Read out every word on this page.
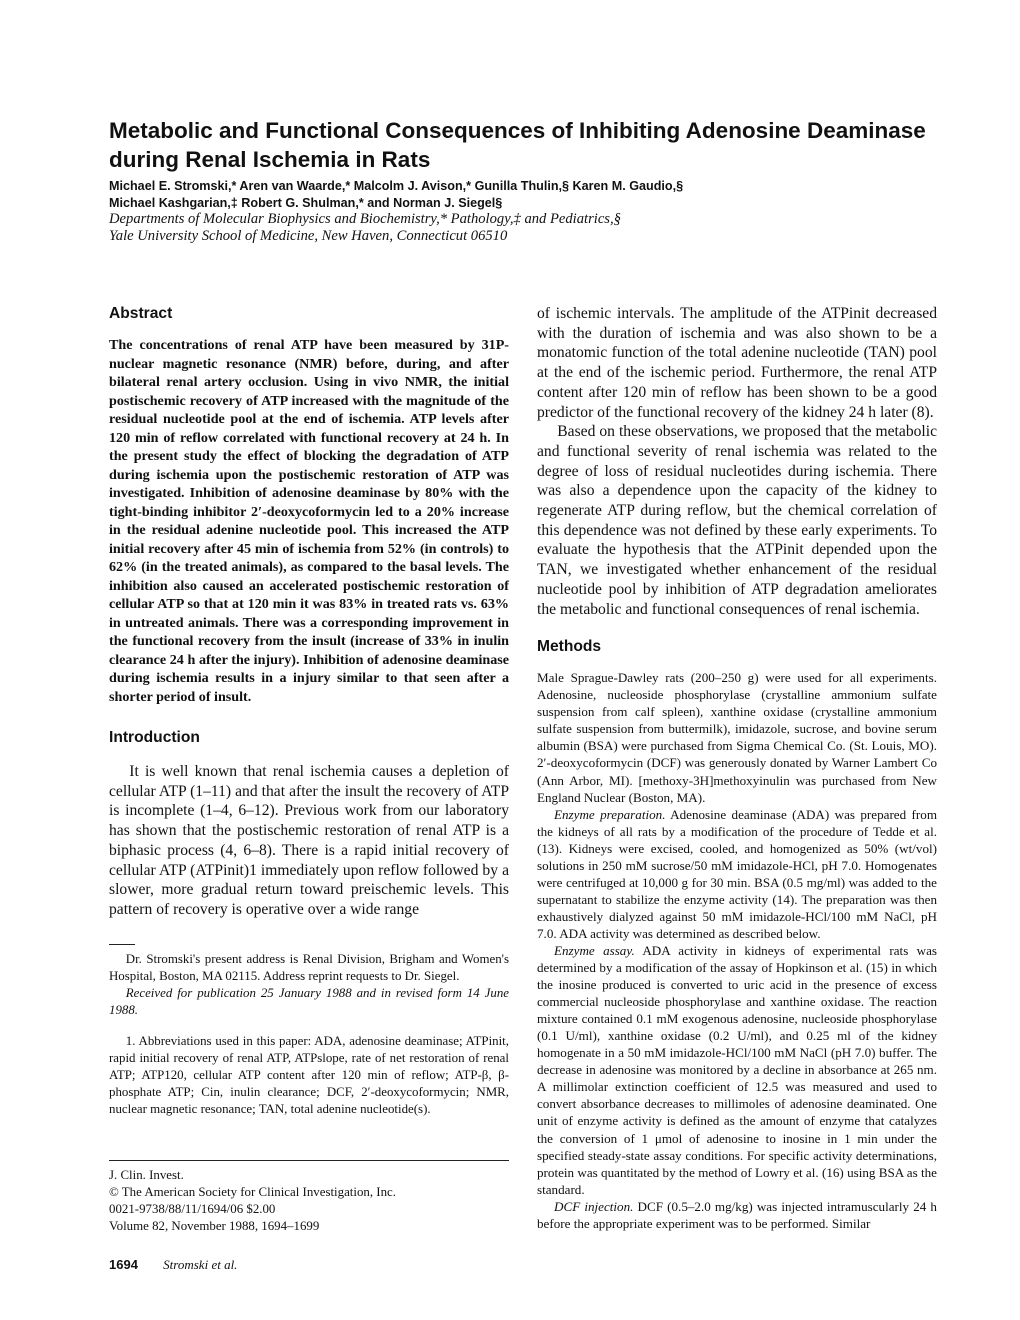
Metabolic and Functional Consequences of Inhibiting Adenosine Deaminase during Renal Ischemia in Rats
Michael E. Stromski,* Aren van Waarde,* Malcolm J. Avison,* Gunilla Thulin,§ Karen M. Gaudio,§
Michael Kashgarian,‡ Robert G. Shulman,* and Norman J. Siegel§
Departments of Molecular Biophysics and Biochemistry,* Pathology,‡ and Pediatrics,§
Yale University School of Medicine, New Haven, Connecticut 06510
Abstract

The concentrations of renal ATP have been measured by 31P-nuclear magnetic resonance (NMR) before, during, and after bilateral renal artery occlusion. Using in vivo NMR, the initial postischemic recovery of ATP increased with the magnitude of the residual nucleotide pool at the end of ischemia. ATP levels after 120 min of reflow correlated with functional recovery at 24 h. In the present study the effect of blocking the degradation of ATP during ischemia upon the postischemic restoration of ATP was investigated. Inhibition of adenosine deaminase by 80% with the tight-binding inhibitor 2′-deoxycoformycin led to a 20% increase in the residual adenine nucleotide pool. This increased the ATP initial recovery after 45 min of ischemia from 52% (in controls) to 62% (in the treated animals), as compared to the basal levels. The inhibition also caused an accelerated postischemic restoration of cellular ATP so that at 120 min it was 83% in treated rats vs. 63% in untreated animals. There was a corresponding improvement in the functional recovery from the insult (increase of 33% in inulin clearance 24 h after the injury). Inhibition of adenosine deaminase during ischemia results in a injury similar to that seen after a shorter period of insult.

Introduction

It is well known that renal ischemia causes a depletion of cellular ATP (1–11) and that after the insult the recovery of ATP is incomplete (1–4, 6–12). Previous work from our laboratory has shown that the postischemic restoration of renal ATP is a biphasic process (4, 6–8). There is a rapid initial recovery of cellular ATP (ATPinit)1 immediately upon reflow followed by a slower, more gradual return toward preischemic levels. This pattern of recovery is operative over a wide range

Dr. Stromski's present address is Renal Division, Brigham and Women's Hospital, Boston, MA 02115. Address reprint requests to Dr. Siegel.

Received for publication 25 January 1988 and in revised form 14 June 1988.

1. Abbreviations used in this paper: ADA, adenosine deaminase; ATPinit, rapid initial recovery of renal ATP, ATPslope, rate of net restoration of renal ATP; ATP120, cellular ATP content after 120 min of reflow; ATP-β, β-phosphate ATP; Cin, inulin clearance; DCF, 2′-deoxycoformycin; NMR, nuclear magnetic resonance; TAN, total adenine nucleotide(s).

J. Clin. Invest.
© The American Society for Clinical Investigation, Inc.
0021-9738/88/11/1694/06 $2.00
Volume 82, November 1988, 1694–1699
1694 Stromski et al.

of ischemic intervals. The amplitude of the ATPinit decreased with the duration of ischemia and was also shown to be a monatomic function of the total adenine nucleotide (TAN) pool at the end of the ischemic period. Furthermore, the renal ATP content after 120 min of reflow has been shown to be a good predictor of the functional recovery of the kidney 24 h later (8).

Based on these observations, we proposed that the metabolic and functional severity of renal ischemia was related to the degree of loss of residual nucleotides during ischemia. There was also a dependence upon the capacity of the kidney to regenerate ATP during reflow, but the chemical correlation of this dependence was not defined by these early experiments. To evaluate the hypothesis that the ATPinit depended upon the TAN, we investigated whether enhancement of the residual nucleotide pool by inhibition of ATP degradation ameliorates the metabolic and functional consequences of renal ischemia.

Methods

Male Sprague-Dawley rats (200–250 g) were used for all experiments. Adenosine, nucleoside phosphorylase (crystalline ammonium sulfate suspension from calf spleen), xanthine oxidase (crystalline ammonium sulfate suspension from buttermilk), imidazole, sucrose, and bovine serum albumin (BSA) were purchased from Sigma Chemical Co. (St. Louis, MO). 2′-deoxycoformycin (DCF) was generously donated by Warner Lambert Co (Ann Arbor, MI). [methoxy-3H]methoxyinulin was purchased from New England Nuclear (Boston, MA).

Enzyme preparation. Adenosine deaminase (ADA) was prepared from the kidneys of all rats by a modification of the procedure of Tedde et al. (13). Kidneys were excised, cooled, and homogenized as 50% (wt/vol) solutions in 250 mM sucrose/50 mM imidazole-HCl, pH 7.0. Homogenates were centrifuged at 10,000 g for 30 min. BSA (0.5 mg/ml) was added to the supernatant to stabilize the enzyme activity (14). The preparation was then exhaustively dialyzed against 50 mM imidazole-HCl/100 mM NaCl, pH 7.0. ADA activity was determined as described below.

Enzyme assay. ADA activity in kidneys of experimental rats was determined by a modification of the assay of Hopkinson et al. (15) in which the inosine produced is converted to uric acid in the presence of excess commercial nucleoside phosphorylase and xanthine oxidase. The reaction mixture contained 0.1 mM exogenous adenosine, nucleoside phosphorylase (0.1 U/ml), xanthine oxidase (0.2 U/ml), and 0.25 ml of the kidney homogenate in a 50 mM imidazole-HCl/100 mM NaCl (pH 7.0) buffer. The decrease in adenosine was monitored by a decline in absorbance at 265 nm. A millimolar extinction coefficient of 12.5 was measured and used to convert absorbance decreases to millimoles of adenosine deaminated. One unit of enzyme activity is defined as the amount of enzyme that catalyzes the conversion of 1 μmol of adenosine to inosine in 1 min under the specified steady-state assay conditions. For specific activity determinations, protein was quantitated by the method of Lowry et al. (16) using BSA as the standard.

DCF injection. DCF (0.5–2.0 mg/kg) was injected intramuscularly 24 h before the appropriate experiment was to be performed. Similar
